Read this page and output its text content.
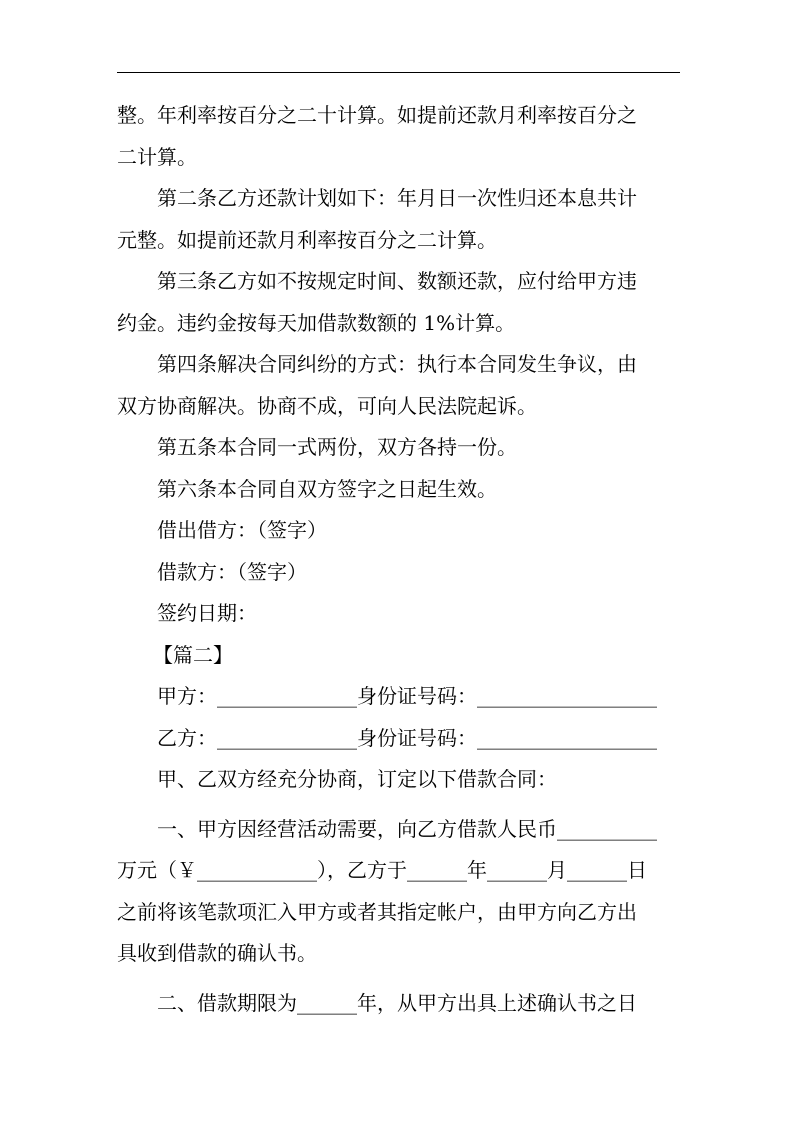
整。年利率按百分之二十计算。如提前还款月利率按百分之
二计算。
第二条乙方还款计划如下：年月日一次性归还本息共计
元整。如提前还款月利率按百分之二计算。
第三条乙方如不按规定时间、数额还款，应付给甲方违
约金。违约金按每天加借款数额的 1%计算。
第四条解决合同纠纷的方式：执行本合同发生争议，由
双方协商解决。协商不成，可向人民法院起诉。
第五条本合同一式两份，双方各持一份。
第六条本合同自双方签字之日起生效。
借出借方：（签字）
借款方：（签字）
签约日期：
【篇二】
甲方：______________身份证号码：__________________
乙方：______________身份证号码：__________________
甲、乙双方经充分协商，订定以下借款合同：
一、甲方因经营活动需要，向乙方借款人民币__________
万元（￥____________），乙方于______年______月______日
之前将该笔款项汇入甲方或者其指定帐户，由甲方向乙方出
具收到借款的确认书。
二、借款期限为______年，从甲方出具上述确认书之日
